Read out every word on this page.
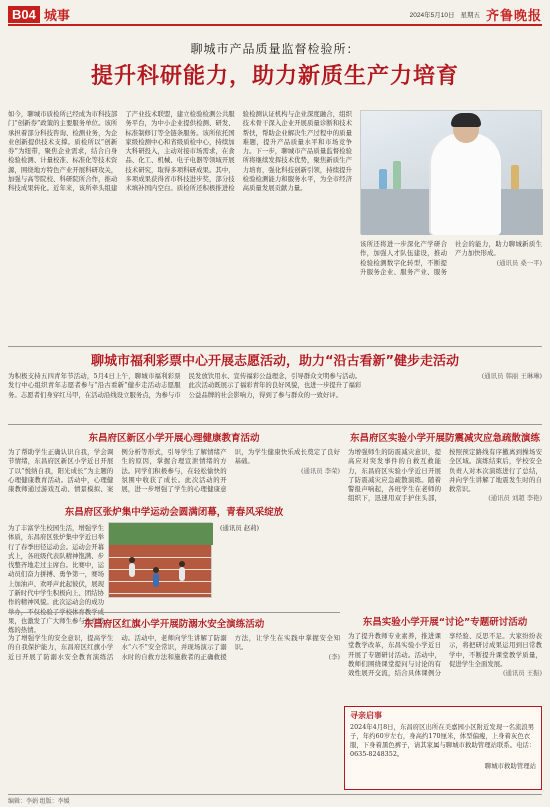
B04 城事	2024年5月10日 星期五 齐鲁晚报
聊城市产品质量监督检验所：
提升科研能力，助力新质生产力培育
如今，聊城市质检所已经成为市科技部门“创新券”政策的主要服务单位。该所承担着部分科技咨询、检测业务，为企业创新提供技术支撑。质检所以“创新券”为纽带，聚焦企业需求，结合自身检验检测、计量校准、标准化等技术资源，围绕地方特色产业开展科研攻关，加强与高等院校、科研院所合作，推动科技成果转化。近年来，该所牵头组建了产业技术联盟，建立检验检测公共服务平台，为中小企业提供检测、研发、标准制修订等全链条服务。该所依托国家级检测中心和省级质检中心，持续加大科研投入，主动对接市场需求，在食品、化工、机械、电子电器等领域开展技术研究，取得多项科研成果。其中，多项成果获得省市科技进步奖，部分技术填补国内空白。质检所还积极推进检验检测认证机构与企业深度融合，组织技术骨干深入企业开展质量诊断和技术帮扶，帮助企业解决生产过程中的质量难题，提升产品质量水平和市场竞争力。下一步，聊城市产品质量监督检验所将继续发挥技术优势，聚焦新质生产力培育，强化科技创新引领，持续提升检验检测能力和服务水平，为全市经济高质量发展贡献力量。
该所还将进一步深化产学研合作，加强人才队伍建设，推动检验检测数字化转型，不断提升服务企业、服务产业、服务社会的能力，助力聊城新质生产力加快形成。
(通讯员 桑一平)
聊城市福利彩票中心开展志愿活动，助力“沿古看新”健步走活动
为积极支持五四青年节活动，5月4日上午，聊城市福利彩票发行中心组织青年志愿者参与“沿古看新”健步走活动志愿服务。志愿者们身穿红马甲，在活动沿线设立服务点，为参与市民发放饮用水、宣传福彩公益理念，引导群众文明参与活动。此次活动既展示了福彩青年的良好风貌，也进一步提升了福彩公益品牌的社会影响力，得到了参与群众的一致好评。
(通讯员 韩丽 王琳琳)
东昌府区新区小学开展心理健康教育活动
为了帮助学生正确认识自我，学会调节情绪，东昌府区新区小学近日开展了以“悦纳自我，阳光成长”为主题的心理健康教育活动。活动中，心理健康教师通过游戏互动、情景模拟、案例分析等形式，引导学生了解情绪产生的原因，掌握合理宣泄情绪的方法。同学们积极参与，在轻松愉快的氛围中收获了成长。此次活动的开展，进一步增强了学生的心理健康意识，为学生健康快乐成长奠定了良好基础。
(通讯员 李荣)
东昌府区实验小学开展防震减灾应急疏散演练
为增强师生的防震减灾意识，提高应对突发事件的自救互救能力，东昌府区实验小学近日开展了防震减灾应急疏散演练。随着警报声响起，各班学生在老师的组织下，迅速用双手护住头部，按照预定路线有序撤离到操场安全区域。演练结束后，学校安全负责人对本次演练进行了总结，并向学生讲解了地震发生时的自救常识。
(通讯员 刘超 李艳)
东昌府区张炉集中学运动会圆满闭幕，青春风采绽放
为了丰富学生校园生活，增强学生体质，东昌府区张炉集中学近日举行了春季田径运动会。运动会开幕式上，各班级代表队精神饱满、步伐整齐地走过主席台。比赛中，运动员们奋力拼搏、勇争第一，赛场上加油声、欢呼声此起彼伏，展现了新时代中学生积极向上、团结协作的精神风貌。此次运动会的成功 果，也激发了广大师生参与体育锻炼的热情。
(通讯员 赵莉)
东昌实验小学开展“讨论”专题研讨活动
为了提升教师专业素养，推进课堂教学改革，东昌实验小学近日开展了专题研讨活动。活动中，教师们围绕课堂提问与讨论的有效性展开交流，结合具体课例分享经验、反思不足。大家纷纷表示，将把研讨成果运用到日常教学中，不断提升课堂教学质量，促进学生全面发展。
(通讯员 王振)
东昌府区红旗小学开展防溺水安全演练活动
为了增强学生的安全意识，提高学生的自我保护能力，东昌府区红旗小学近日开展了防溺水安全教育演练活动。活动中，老师向学生讲解了防溺水“六不”安全常识，并现场演示了溺水时的自救方法和施救者的正确救援方法，让学生在实践中掌握安全知识。
(李)
寻亲启事
2024年4月8日，东昌府区出所在美嘉园小区附近发现一名流浪男子，年约60岁左右，身高约170厘米，体型偏瘦，上身着灰色衣服，下身着黑色裤子，请其家属与聊城市救助管理站联系。电话：0635-8248352。
聊城市救助管理站
编辑：李娟 组版：李媛
